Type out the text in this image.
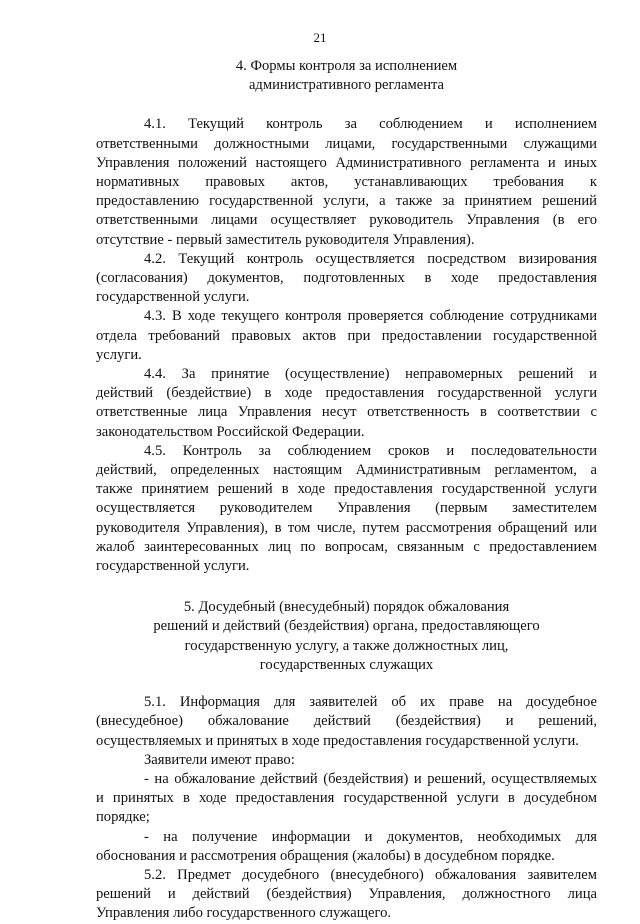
21
4. Формы контроля за исполнением
административного регламента
4.1. Текущий контроль за соблюдением и исполнением
ответственными должностными лицами, государственными служащими
Управления положений настоящего Административного регламента и иных
нормативных правовых актов, устанавливающих требования к
предоставлению государственной услуги, а также за принятием решений
ответственными лицами осуществляет руководитель Управления (в его
отсутствие - первый заместитель руководителя Управления).
4.2. Текущий контроль осуществляется посредством визирования
(согласования) документов, подготовленных в ходе предоставления
государственной услуги.
4.3. В ходе текущего контроля проверяется соблюдение сотрудниками
отдела требований правовых актов при предоставлении государственной
услуги.
4.4. За принятие (осуществление) неправомерных решений и
действий (бездействие) в ходе предоставления государственной услуги
ответственные лица Управления несут ответственность в соответствии с
законодательством Российской Федерации.
4.5. Контроль за соблюдением сроков и последовательности
действий, определенных настоящим Административным регламентом, а
также принятием решений в ходе предоставления государственной услуги
осуществляется руководителем Управления (первым заместителем
руководителя Управления), в том числе, путем рассмотрения обращений или
жалоб заинтересованных лиц по вопросам, связанным с предоставлением
государственной услуги.
5. Досудебный (внесудебный) порядок обжалования
решений и действий (бездействия) органа, предоставляющего
государственную услугу, а также должностных лиц,
государственных служащих
5.1. Информация для заявителей об их праве на досудебное
(внесудебное) обжалование действий (бездействия) и решений,
осуществляемых и принятых в ходе предоставления государственной услуги.
Заявители имеют право:
- на обжалование действий (бездействия) и решений, осуществляемых
и принятых в ходе предоставления государственной услуги в досудебном
порядке;
- на получение информации и документов, необходимых для
обоснования и рассмотрения обращения (жалобы) в досудебном порядке.
5.2. Предмет досудебного (внесудебного) обжалования заявителем
решений и действий (бездействия) Управления, должностного лица
Управления либо государственного служащего.
